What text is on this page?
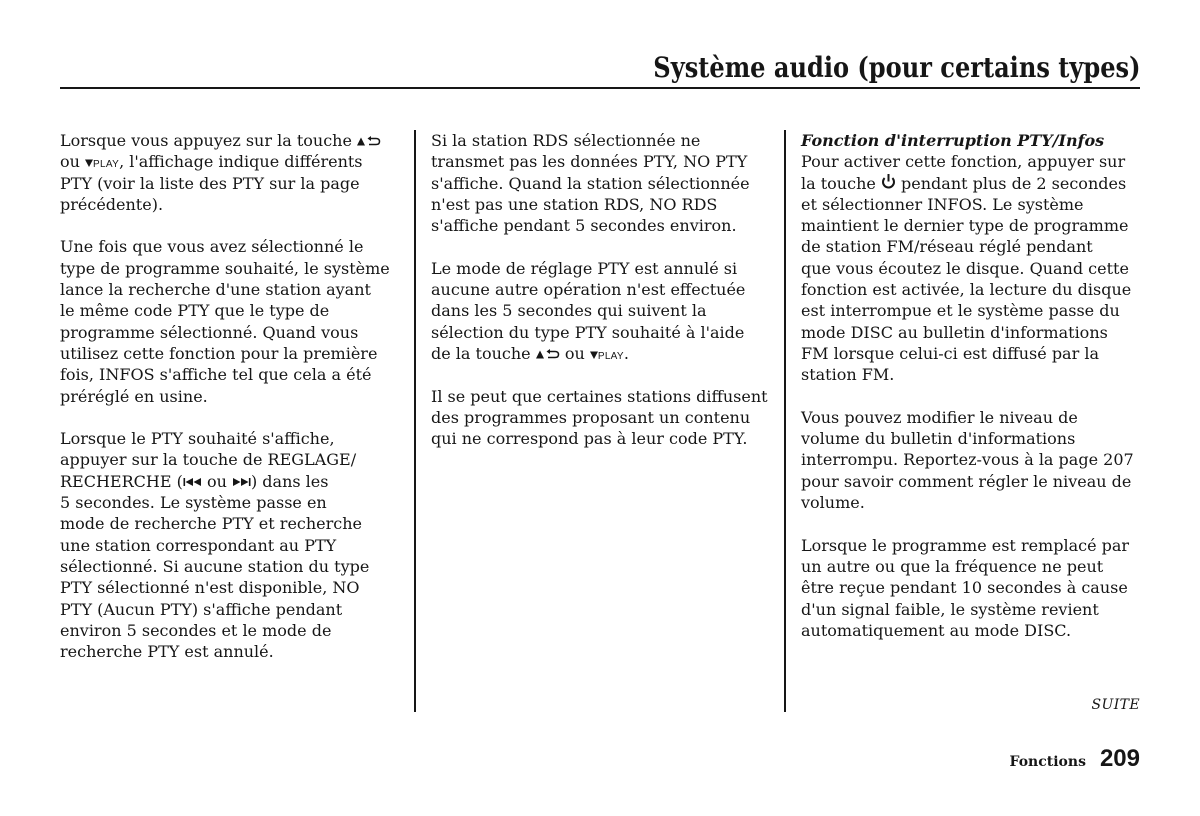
Système audio (pour certains types)
Lorsque vous appuyez sur la touche
ou PLAY, l'affichage indique différents
PTY (voir la liste des PTY sur la page
précédente).
Une fois que vous avez sélectionné le
type de programme souhaité, le système
lance la recherche d'une station ayant
le même code PTY que le type de
programme sélectionné. Quand vous
utilisez cette fonction pour la première
fois, INFOS s'affiche tel que cela a été
préréglé en usine.
Lorsque le PTY souhaité s'affiche,
appuyer sur la touche de REGLAGE/
RECHERCHE ( ou ) dans les
5 secondes. Le système passe en
mode de recherche PTY et recherche
une station correspondant au PTY
sélectionné. Si aucune station du type
PTY sélectionné n'est disponible, NO
PTY (Aucun PTY) s'affiche pendant
environ 5 secondes et le mode de
recherche PTY est annulé.
Si la station RDS sélectionnée ne
transmet pas les données PTY, NO PTY
s'affiche. Quand la station sélectionnée
n'est pas une station RDS, NO RDS
s'affiche pendant 5 secondes environ.
Le mode de réglage PTY est annulé si
aucune autre opération n'est effectuée
dans les 5 secondes qui suivent la
sélection du type PTY souhaité à l'aide
de la touche  ou PLAY.
Il se peut que certaines stations diffusent
des programmes proposant un contenu
qui ne correspond pas à leur code PTY.
Fonction d'interruption PTY/Infos
Pour activer cette fonction, appuyer sur
la touche  pendant plus de 2 secondes
et sélectionner INFOS. Le système
maintient le dernier type de programme
de station FM/réseau réglé pendant
que vous écoutez le disque. Quand cette
fonction est activée, la lecture du disque
est interrompue et le système passe du
mode DISC au bulletin d'informations
FM lorsque celui-ci est diffusé par la
station FM.
Vous pouvez modifier le niveau de
volume du bulletin d'informations
interrompu. Reportez-vous à la page 207
pour savoir comment régler le niveau de
volume.
Lorsque le programme est remplacé par
un autre ou que la fréquence ne peut
être reçue pendant 10 secondes à cause
d'un signal faible, le système revient
automatiquement au mode DISC.
SUITE
Fonctions 209
